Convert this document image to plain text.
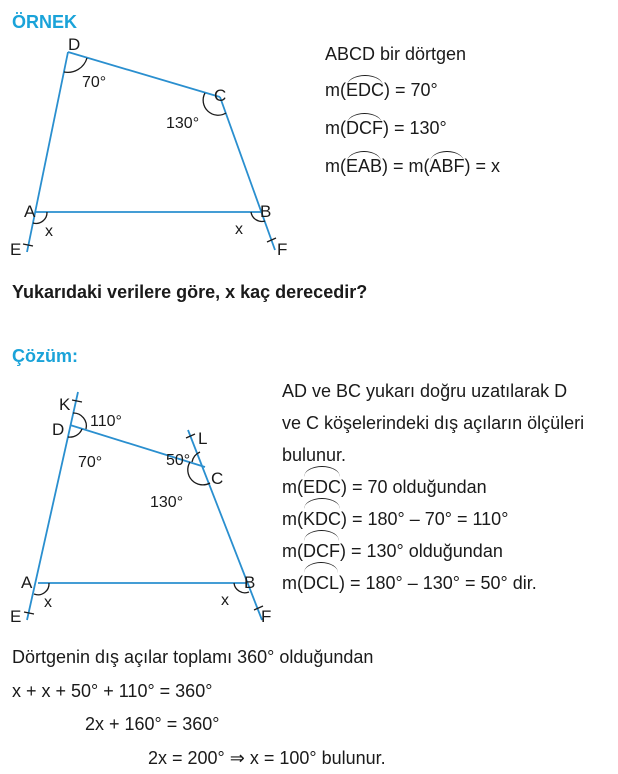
ÖRNEK
D
C
A	B
E	F
70°
130°
x	x
ABCD bir dörtgen
m(EDC) = 70°
m(DCF) = 130°
m(EAB) = m(ABF) = x
Yukarıdaki verilere göre, x kaç derecedir?
Çözüm:
K
D	L
C
A	B
E	F
110°
70°	50°
130°
x	x
AD ve BC yukarı doğru uzatılarak D
ve C köşelerindeki dış açıların ölçüleri
bulunur.
m(EDC) = 70 olduğundan
m(KDC) = 180° – 70° = 110°
m(DCF) = 130° olduğundan
m(DCL) = 180° – 130° = 50° dir.
Dörtgenin dış açılar toplamı 360° olduğundan
x + x + 50° + 110° = 360°
2x + 160° = 360°
2x = 200° ⇒ x = 100° bulunur.
